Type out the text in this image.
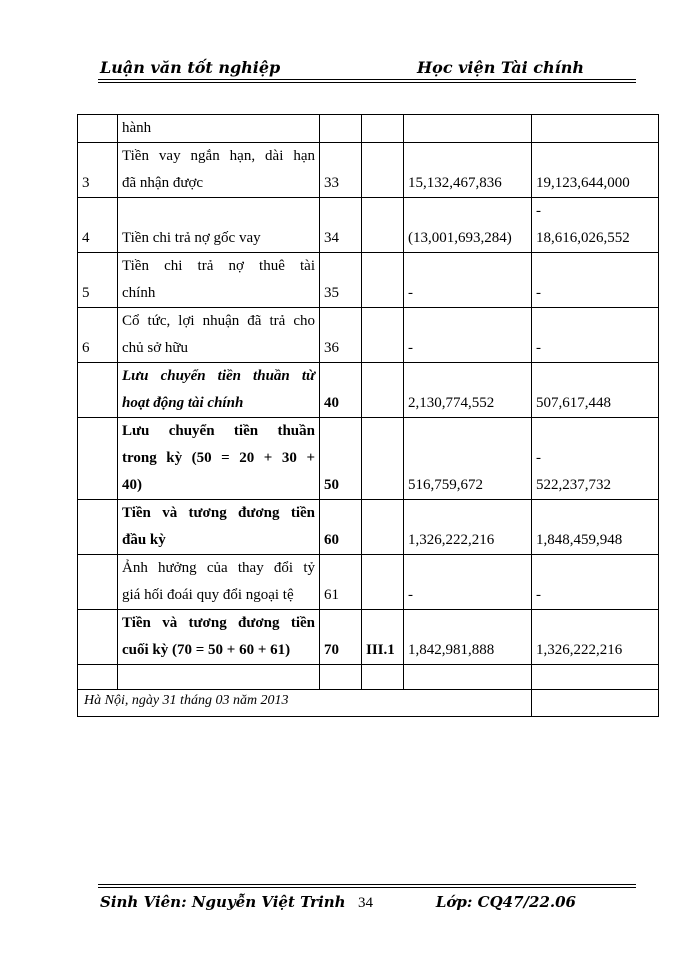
Luận văn tốt nghiệp	Học viện Tài chính
	hành				
3	Tiền vay ngắn hạn, dài hạn
đã nhận được	33		15,132,467,836	19,123,644,000
4	Tiền chi trả nợ gốc vay	34		(13,001,693,284)	-
18,616,026,552
5	Tiền chi trả nợ thuê tài
chính	35		-	-
6	Cổ tức, lợi nhuận đã trả cho
chủ sở hữu	36		-	-

	Lưu chuyển tiền thuần từ
hoạt động tài chính	40		2,130,774,552	507,617,448

	Lưu chuyển tiền thuần
trong kỳ (50 = 20 + 30 +
40)	50		516,759,672	-
522,237,732

	Tiền và tương đương tiền
đầu kỳ	60		1,326,222,216	1,848,459,948

	Ảnh hưởng của thay đổi tỷ
giá hối đoái quy đổi ngoại tệ	61		-	-

	Tiền và tương đương tiền
cuối kỳ (70 = 50 + 60 + 61)	70	III.1	1,842,981,888	1,326,222,216

Hà Nội, ngày 31 tháng 03 năm 2013					
Sinh Viên: Nguyễn Việt Trinh 34	Lớp: CQ47/22.06
